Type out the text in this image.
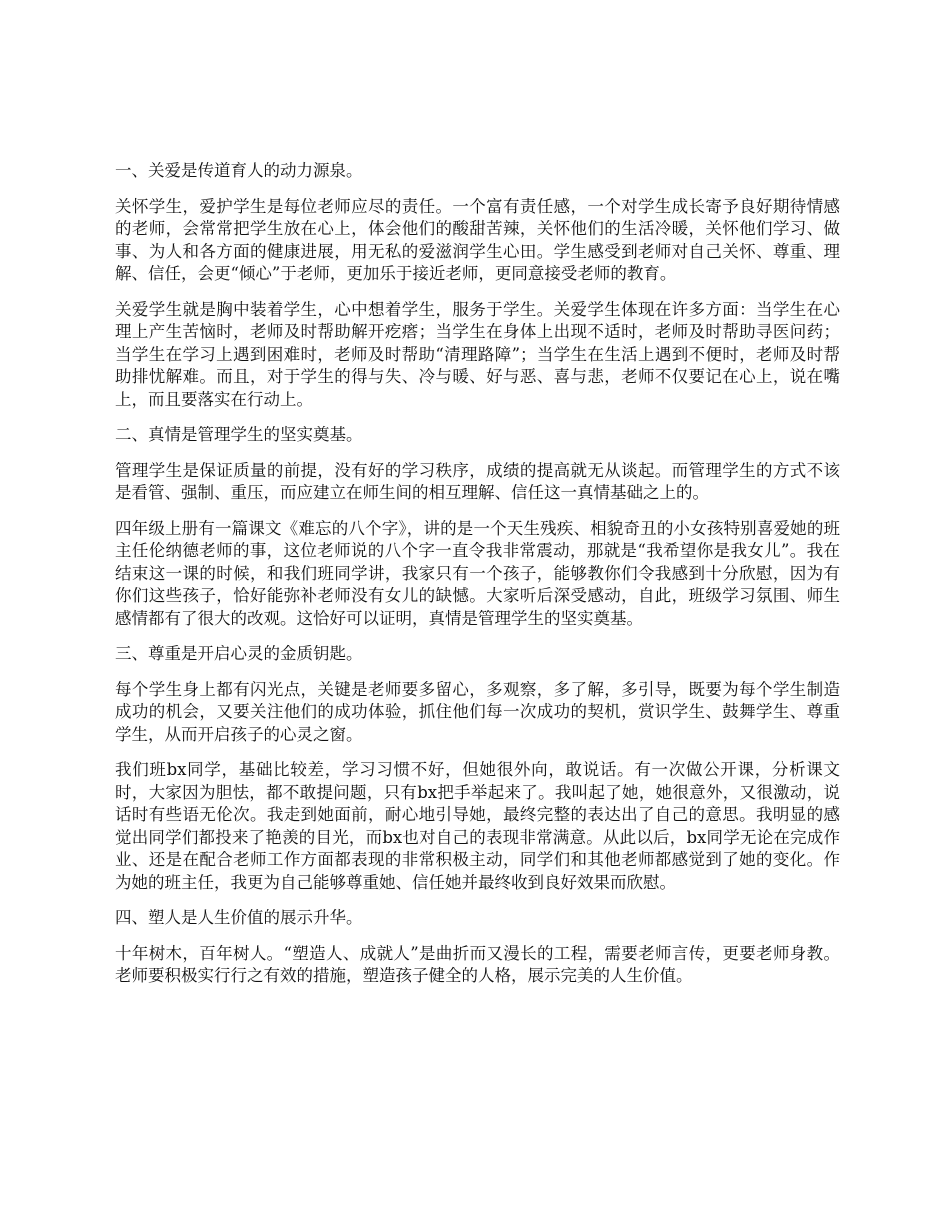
一、关爱是传道育人的动力源泉。

关怀学生，爱护学生是每位老师应尽的责任。一个富有责任感，一个对学生成长寄予良好期待情感的老师，会常常把学生放在心上，体会他们的酸甜苦辣，关怀他们的生活冷暖，关怀他们学习、做事、为人和各方面的健康进展，用无私的爱滋润学生心田。学生感受到老师对自己关怀、尊重、理解、信任，会更“倾心”于老师，更加乐于接近老师，更同意接受老师的教育。

关爱学生就是胸中装着学生，心中想着学生，服务于学生。关爱学生体现在许多方面：当学生在心理上产生苦恼时，老师及时帮助解开疙瘩；当学生在身体上出现不适时，老师及时帮助寻医问药；当学生在学习上遇到困难时，老师及时帮助“清理路障”；当学生在生活上遇到不便时，老师及时帮助排忧解难。而且，对于学生的得与失、冷与暖、好与恶、喜与悲，老师不仅要记在心上，说在嘴上，而且要落实在行动上。

二、真情是管理学生的坚实奠基。

管理学生是保证质量的前提，没有好的学习秩序，成绩的提高就无从谈起。而管理学生的方式不该是看管、强制、重压，而应建立在师生间的相互理解、信任这一真情基础之上的。

四年级上册有一篇课文《难忘的八个字》，讲的是一个天生残疾、相貌奇丑的小女孩特别喜爱她的班主任伦纳德老师的事，这位老师说的八个字一直令我非常震动，那就是“我希望你是我女儿”。我在结束这一课的时候，和我们班同学讲，我家只有一个孩子，能够教你们令我感到十分欣慰，因为有你们这些孩子，恰好能弥补老师没有女儿的缺憾。大家听后深受感动，自此，班级学习氛围、师生感情都有了很大的改观。这恰好可以证明，真情是管理学生的坚实奠基。

三、尊重是开启心灵的金质钥匙。

每个学生身上都有闪光点，关键是老师要多留心，多观察，多了解，多引导，既要为每个学生制造成功的机会，又要关注他们的成功体验，抓住他们每一次成功的契机，赏识学生、鼓舞学生、尊重学生，从而开启孩子的心灵之窗。

我们班bx同学，基础比较差，学习习惯不好，但她很外向，敢说话。有一次做公开课，分析课文时，大家因为胆怯，都不敢提问题，只有bx把手举起来了。我叫起了她，她很意外，又很激动，说话时有些语无伦次。我走到她面前，耐心地引导她，最终完整的表达出了自己的意思。我明显的感觉出同学们都投来了艳羡的目光，而bx也对自己的表现非常满意。从此以后，bx同学无论在完成作业、还是在配合老师工作方面都表现的非常积极主动，同学们和其他老师都感觉到了她的变化。作为她的班主任，我更为自己能够尊重她、信任她并最终收到良好效果而欣慰。

四、塑人是人生价值的展示升华。

十年树木，百年树人。“塑造人、成就人”是曲折而又漫长的工程，需要老师言传，更要老师身教。老师要积极实行行之有效的措施，塑造孩子健全的人格，展示完美的人生价值。
